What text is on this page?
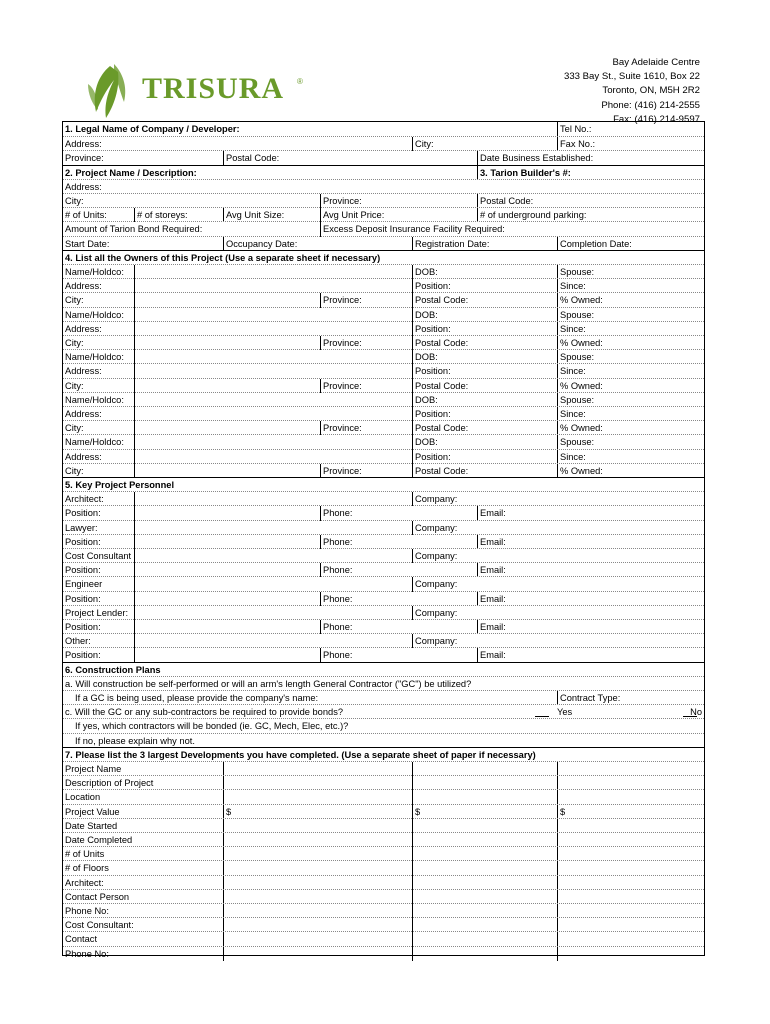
TRISURA ®
Bay Adelaide Centre
333 Bay St., Suite 1610, Box 22
Toronto, ON, M5H 2R2
Phone: (416) 214-2555
Fax: (416) 214-9597
1. Legal Name of Company / Developer:	Tel No.:
Address:	City:	Fax No.:
Province:	Postal Code:	Date Business Established:
2. Project Name / Description:	3. Tarion Builder's #:
Address:
City:	Province:	Postal Code:
# of Units:	# of storeys:	Avg Unit Size:	Avg Unit Price:	# of underground parking:
Amount of Tarion Bond Required:	Excess Deposit Insurance Facility Required:
Start Date:	Occupancy Date:	Registration Date:	Completion Date:
4. List all the Owners of this Project (Use a separate sheet if necessary)
Name/Holdco:	DOB:	Spouse:
Address:	Position:	Since:
City:	Province:	Postal Code:	% Owned:
Name/Holdco:	DOB:	Spouse:
Address:	Position:	Since:
City:	Province:	Postal Code:	% Owned:
Name/Holdco:	DOB:	Spouse:
Address:	Position:	Since:
City:	Province:	Postal Code:	% Owned:
Name/Holdco:	DOB:	Spouse:
Address:	Position:	Since:
City:	Province:	Postal Code:	% Owned:
Name/Holdco:	DOB:	Spouse:
Address:	Position:	Since:
City:	Province:	Postal Code:	% Owned:
5. Key Project Personnel
Architect:	Company:
Position:	Phone:	Email:
Lawyer:	Company:
Position:	Phone:	Email:
Cost Consultant	Company:
Position:	Phone:	Email:
Engineer	Company:
Position:	Phone:	Email:
Project Lender:	Company:
Position:	Phone:	Email:
Other:	Company:
Position:	Phone:	Email:
6. Construction Plans
a. Will construction be self-performed or will an arm's length General Contractor ("GC") be utilized?
If a GC is being used, please provide the company's name:	Contract Type:
c. Will the GC or any sub-contractors be required to provide bonds?	Yes	No
If yes, which contractors will be bonded (ie. GC, Mech, Elec, etc.)?
If no, please explain why not.
7. Please list the 3 largest Developments you have completed. (Use a separate sheet of paper if necessary)
Project Name
Description of Project
Location
Project Value	$	$	$
Date Started
Date Completed
# of Units
# of Floors
Architect:
Contact Person
Phone No:
Cost Consultant:
Contact
Phone No:
